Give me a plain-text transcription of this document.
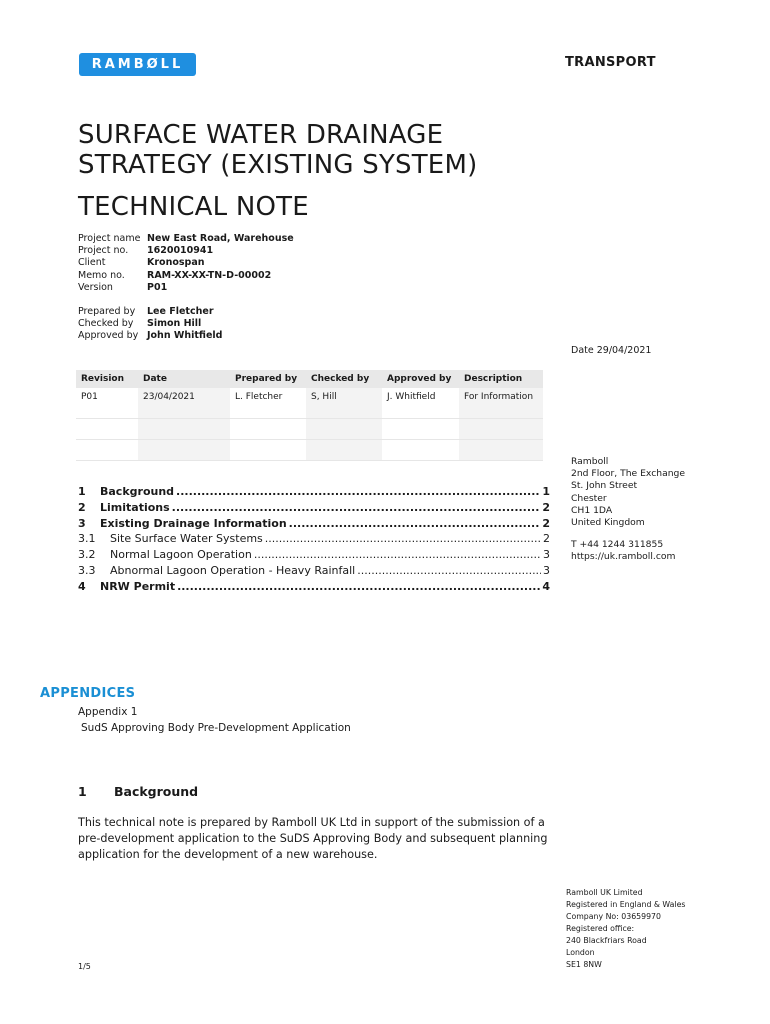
RAMBØLL	TRANSPORT
SURFACE WATER DRAINAGE
STRATEGY (EXISTING SYSTEM)
TECHNICAL NOTE
Project name New East Road, Warehouse
Project no.	1620010941
Client	Kronospan
Memo no.	RAM-XX-XX-TN-D-00002
Version	P01
Prepared by	Lee Fletcher
Checked by	Simon Hill
Approved by John Whitfield
Date 29/04/2021
Revision	Date	Prepared by	Checked by	Approved by	Description
P01	23/04/2021	L. Fletcher	S, Hill	J. Whitfield	For Information

Ramboll
2nd Floor, The Exchange
St. John Street
Chester
CH1 1DA
United Kingdom
T +44 1244 311855
https://uk.ramboll.com
1	Background .....	1
2	Limitations .....	2
3	Existing Drainage Information .....	2
3.1	Site Surface Water Systems .....	2
3.2	Normal Lagoon Operation .....	3
3.3	Abnormal Lagoon Operation - Heavy Rainfall .....	3
4	NRW Permit .....	4
APPENDICES
Appendix 1
SudS Approving Body Pre-Development Application
1 Background
This technical note is prepared by Ramboll UK Ltd in support of the submission of a pre-development application to the SuDS Approving Body and subsequent planning application for the development of a new warehouse.
Ramboll UK Limited
Registered in England & Wales
Company No: 03659970
Registered office:
240 Blackfriars Road
London
SE1 8NW
1/5
